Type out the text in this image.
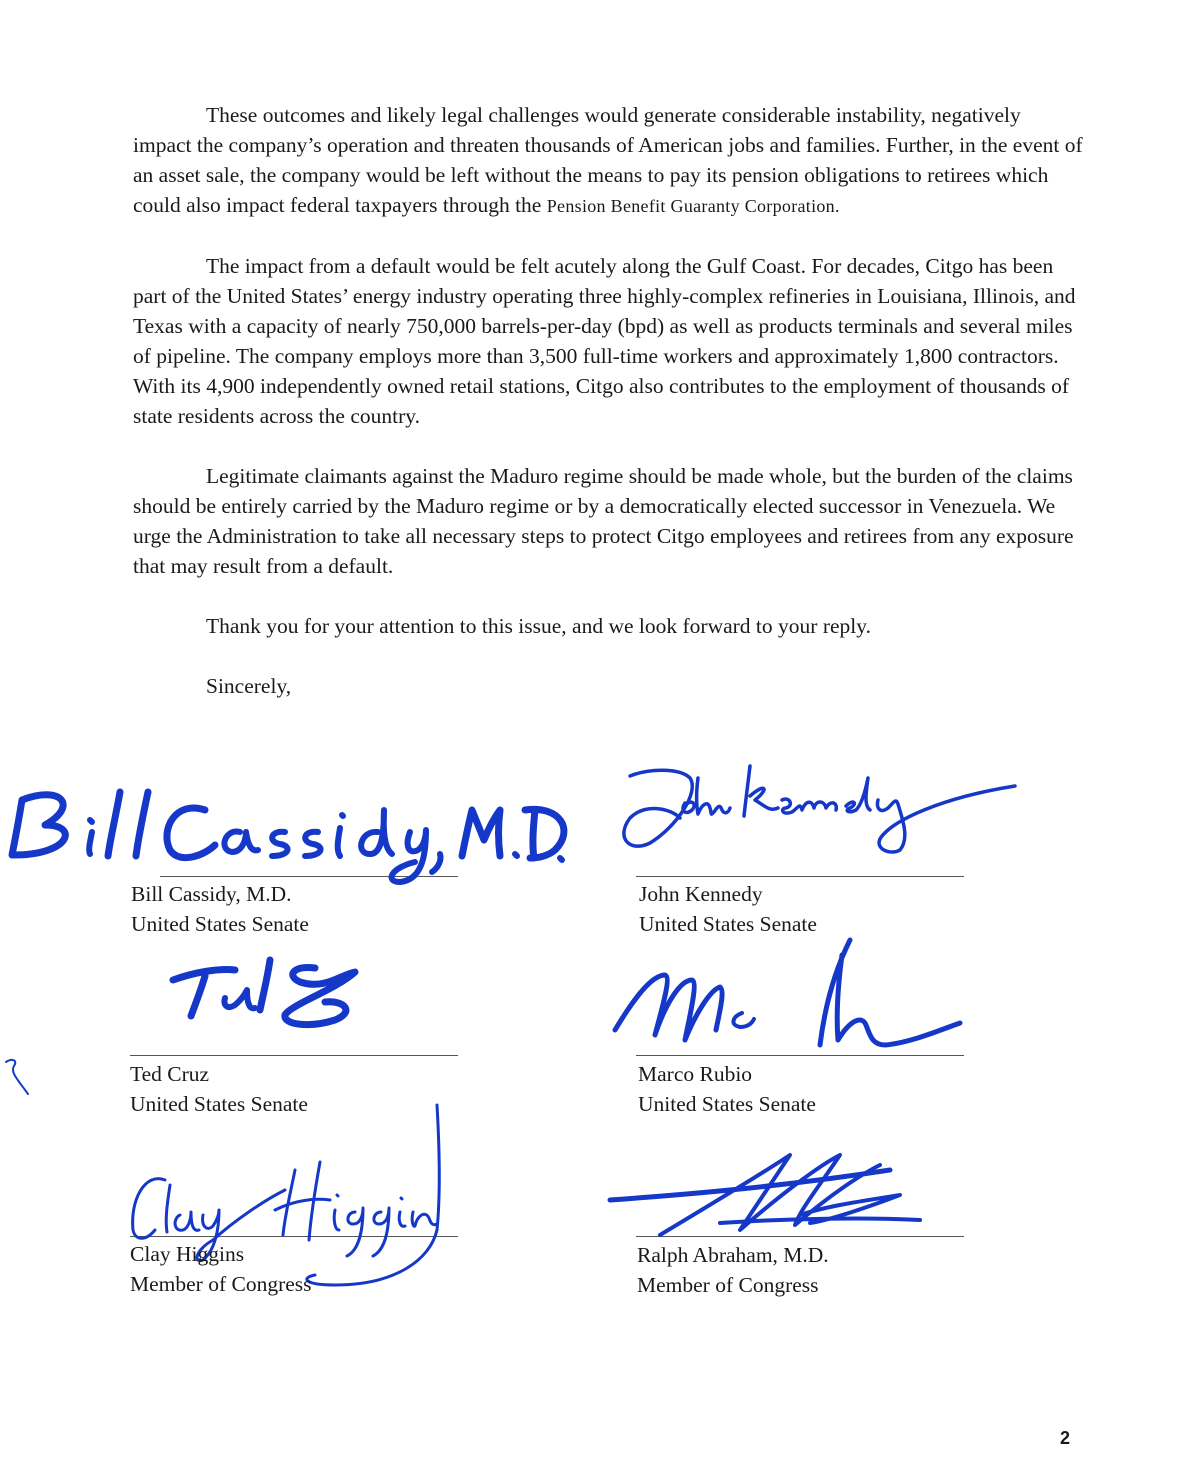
These outcomes and likely legal challenges would generate considerable instability, negatively impact the company’s operation and threaten thousands of American jobs and families. Further, in the event of an asset sale, the company would be left without the means to pay its pension obligations to retirees which could also impact federal taxpayers through the Pension Benefit Guaranty Corporation.

The impact from a default would be felt acutely along the Gulf Coast. For decades, Citgo has been part of the United States’ energy industry operating three highly-complex refineries in Louisiana, Illinois, and Texas with a capacity of nearly 750,000 barrels-per-day (bpd) as well as products terminals and several miles of pipeline. The company employs more than 3,500 full-time workers and approximately 1,800 contractors. With its 4,900 independently owned retail stations, Citgo also contributes to the employment of thousands of state residents across the country.

Legitimate claimants against the Maduro regime should be made whole, but the burden of the claims should be entirely carried by the Maduro regime or by a democratically elected successor in Venezuela. We urge the Administration to take all necessary steps to protect Citgo employees and retirees from any exposure that may result from a default.

Thank you for your attention to this issue, and we look forward to your reply.

Sincerely,

Bill Cassidy, M.D.
United States Senate
John Kennedy
United States Senate
Ted Cruz
United States Senate
Marco Rubio
United States Senate
Clay Higgins
Member of Congress
Ralph Abraham, M.D.
Member of Congress
2
